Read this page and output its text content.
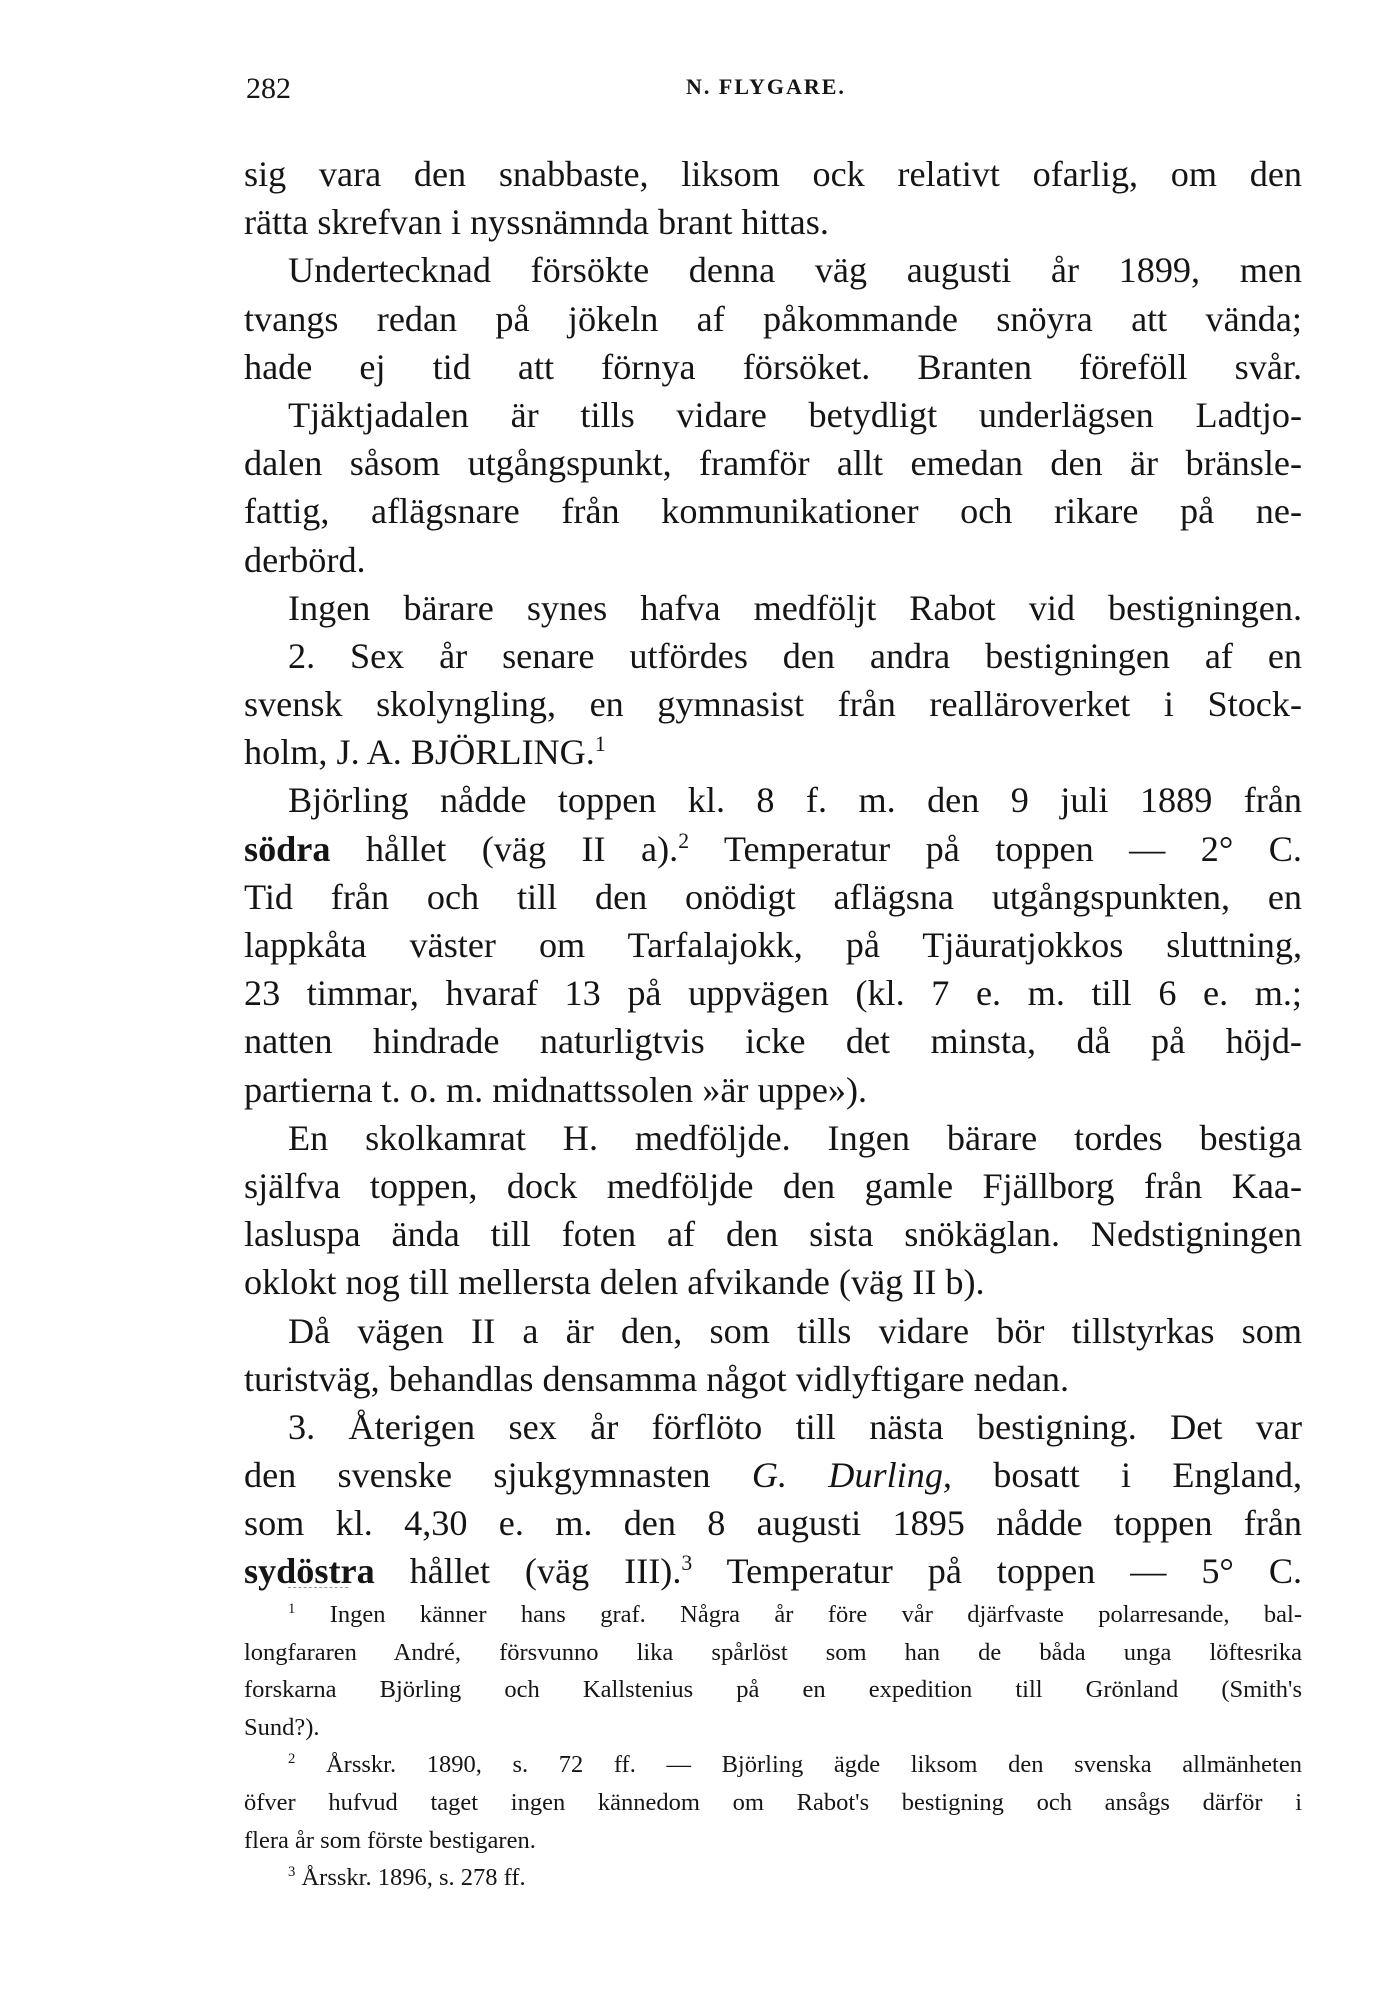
282	N. FLYGARE.
sig vara den snabbaste, liksom ock relativt ofarlig, om den
rätta skrefvan i nyssnämnda brant hittas.
Undertecknad försökte denna väg augusti år 1899, men
tvangs redan på jökeln af påkommande snöyra att vända;
hade ej tid att förnya försöket. Branten föreföll svår.
Tjäktjadalen är tills vidare betydligt underlägsen Ladtjo-
dalen såsom utgångspunkt, framför allt emedan den är bränsle-
fattig, aflägsnare från kommunikationer och rikare på ne-
derbörd.
Ingen bärare synes hafva medföljt Rabot vid bestigningen.
2. Sex år senare utfördes den andra bestigningen af en
svensk skolyngling, en gymnasist från realläroverket i Stock-
holm, J. A. BJÖRLING.$^1$
Björling nådde toppen kl. 8 f. m. den 9 juli 1889 från
södra hållet (väg II a).$^2$ Temperatur på toppen — 2° C.
Tid från och till den onödigt aflägsna utgångspunkten, en
lappkåta väster om Tarfalajokk, på Tjäuratjokkos sluttning,
23 timmar, hvaraf 13 på uppvägen (kl. 7 e. m. till 6 e. m.;
natten hindrade naturligtvis icke det minsta, då på höjd-
partierna t. o. m. midnattssolen »är uppe»).
En skolkamrat H. medföljde. Ingen bärare tordes bestiga
själfva toppen, dock medföljde den gamle Fjällborg från Kaa-
lasluspa ända till foten af den sista snökäglan. Nedstigningen
oklokt nog till mellersta delen afvikande (väg II b).
Då vägen II a är den, som tills vidare bör tillstyrkas som
turistväg, behandlas densamma något vidlyftigare nedan.
3. Återigen sex år förflöto till nästa bestigning. Det var
den svenske sjukgymnasten G. Durling, bosatt i England,
som kl. 4,30 e. m. den 8 augusti 1895 nådde toppen från
sydöstra hållet (väg III).$^3$ Temperatur på toppen — 5° C.
$^1$ Ingen känner hans graf. Några år före vår djärfvaste polarresande, bal-
longfararen André, försvunno lika spårlöst som han de båda unga löftesrika
forskarna Björling och Kallstenius på en expedition till Grönland (Smith's
Sund?).
$^2$ Årsskr. 1890, s. 72 ff. — Björling ägde liksom den svenska allmänheten
öfver hufvud taget ingen kännedom om Rabot's bestigning och ansågs därför i
flera år som förste bestigaren.
$^3$ Årsskr. 1896, s. 278 ff.
